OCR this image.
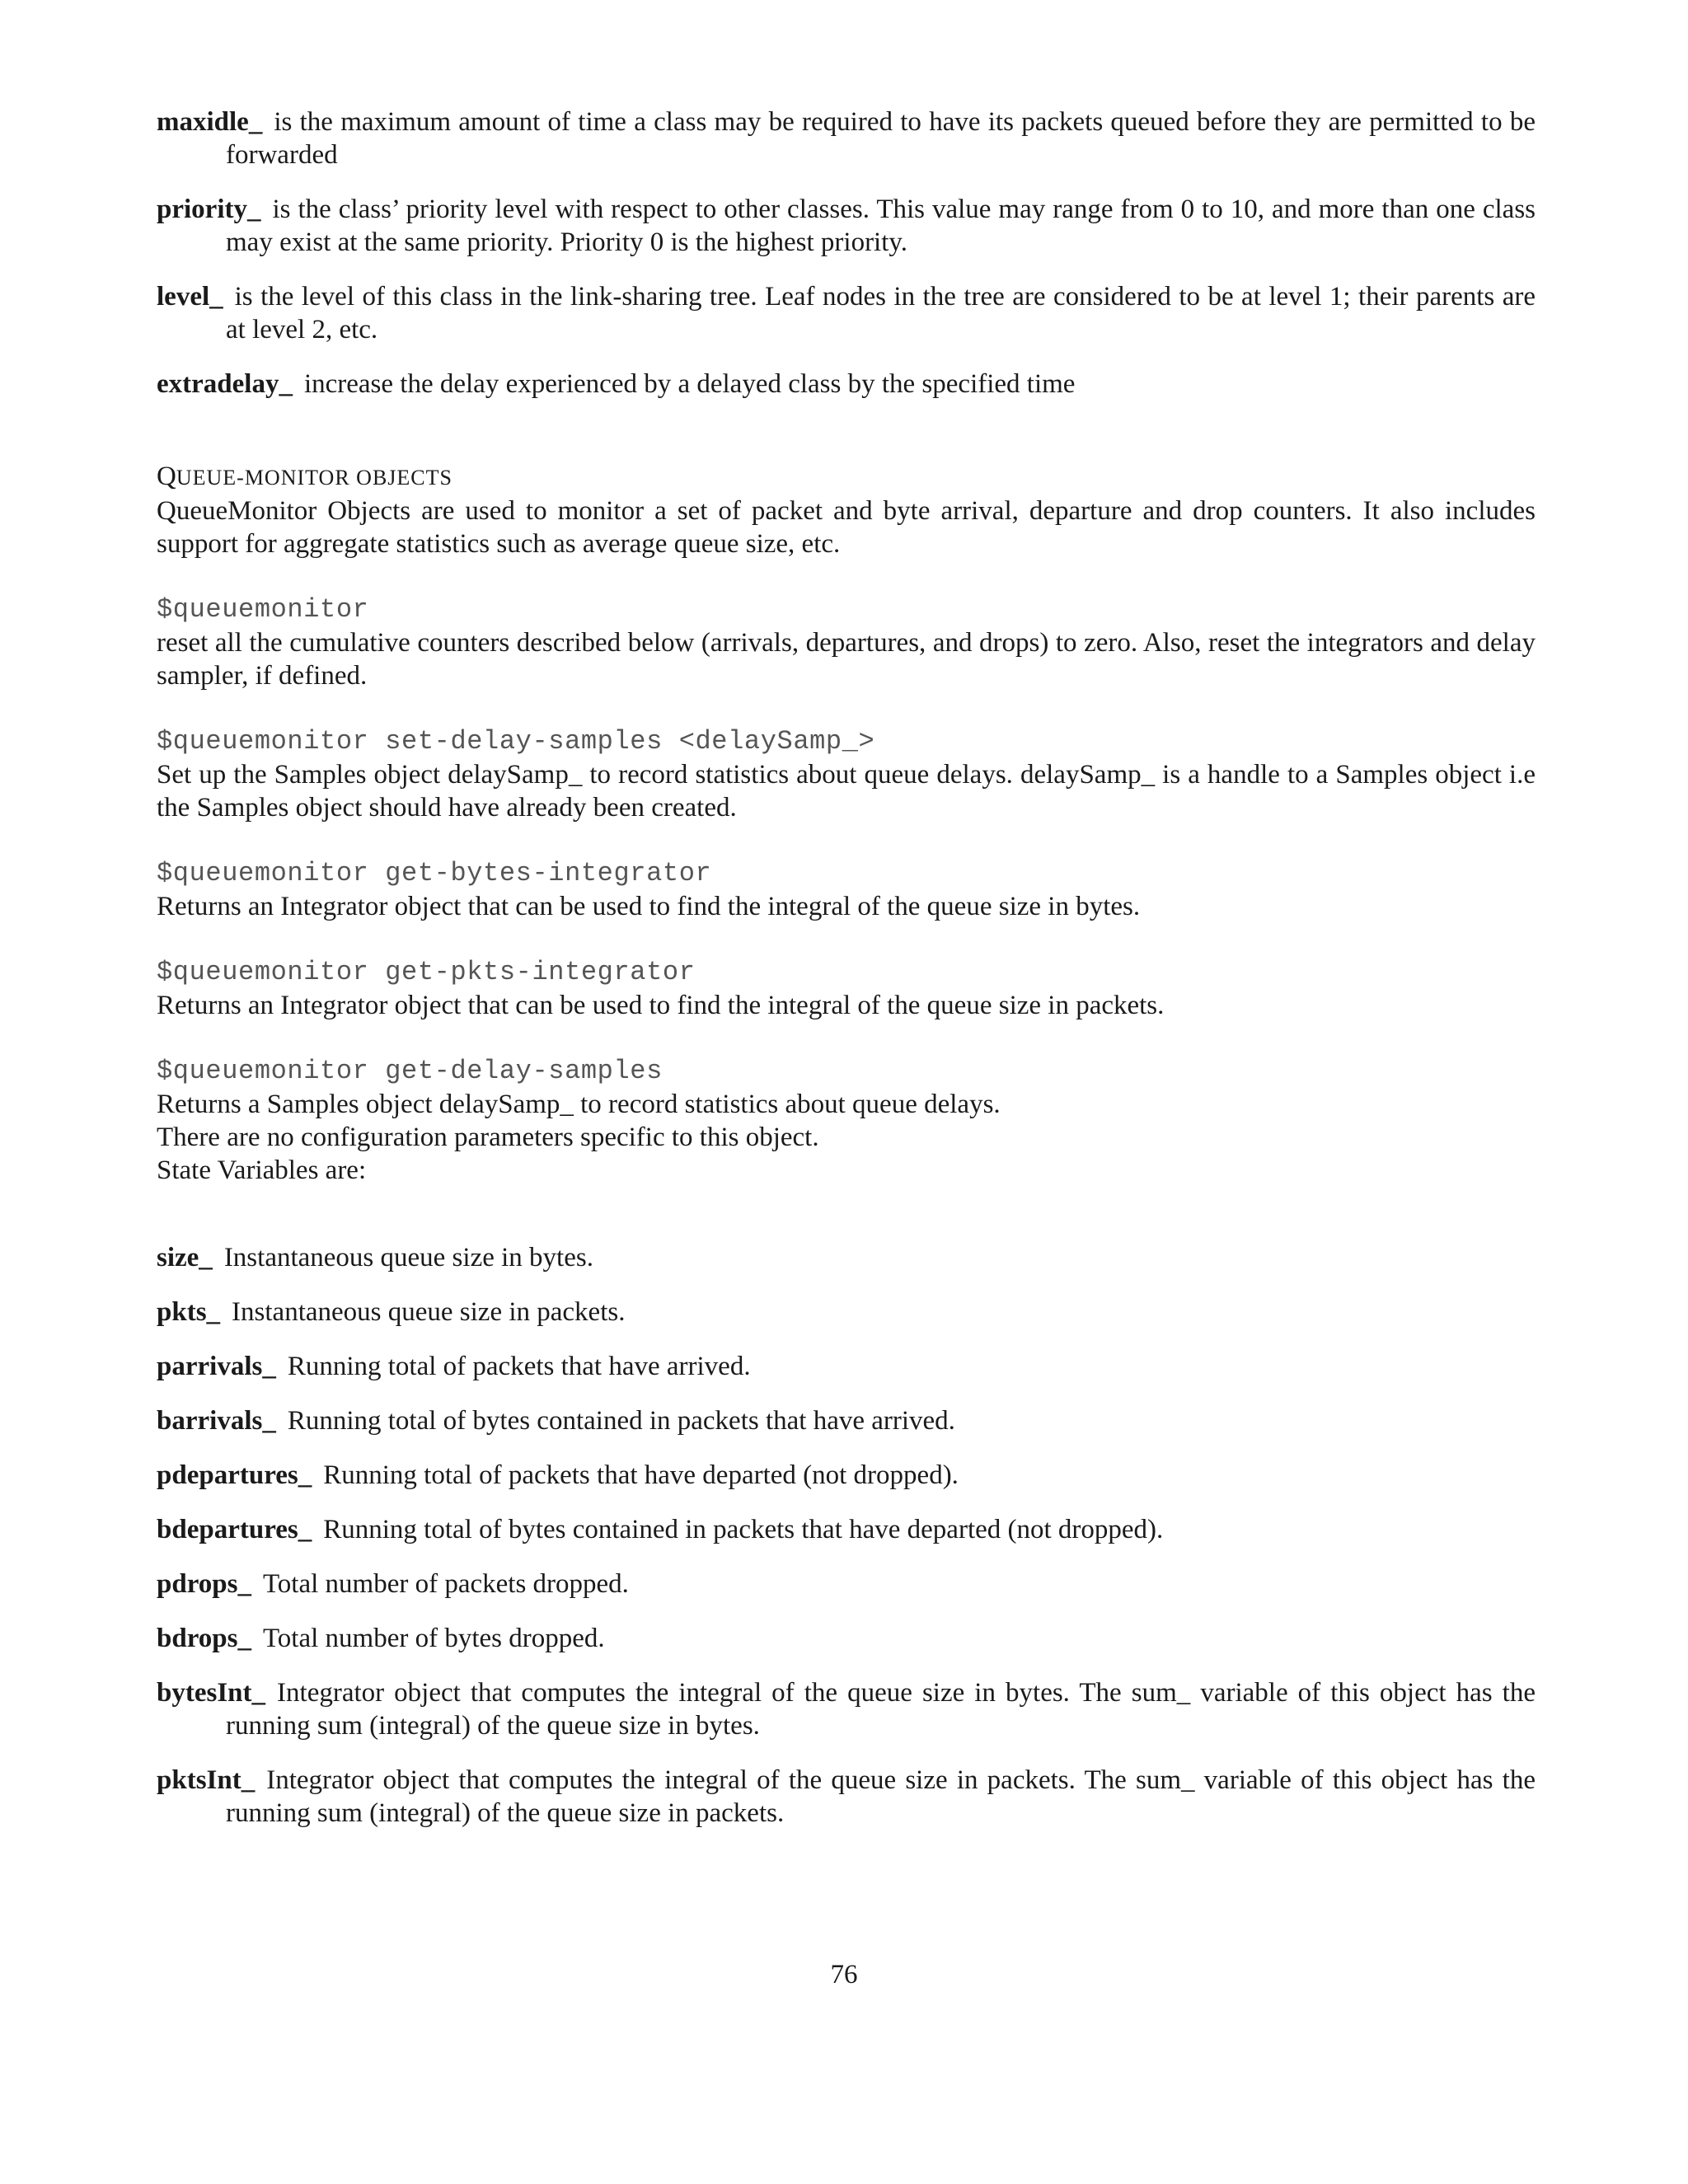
maxidle_ is the maximum amount of time a class may be required to have its packets queued before they are permitted to be forwarded

priority_ is the class’ priority level with respect to other classes. This value may range from 0 to 10, and more than one class may exist at the same priority. Priority 0 is the highest priority.

level_ is the level of this class in the link-sharing tree. Leaf nodes in the tree are considered to be at level 1; their parents are at level 2, etc.

extradelay_ increase the delay experienced by a delayed class by the specified time

QUEUE-MONITOR OBJECTS

QueueMonitor Objects are used to monitor a set of packet and byte arrival, departure and drop counters. It also includes support for aggregate statistics such as average queue size, etc.

$queuemonitor

reset all the cumulative counters described below (arrivals, departures, and drops) to zero. Also, reset the integrators and delay sampler, if defined.

$queuemonitor set-delay-samples <delaySamp_>

Set up the Samples object delaySamp_ to record statistics about queue delays. delaySamp_ is a handle to a Samples object i.e the Samples object should have already been created.

$queuemonitor get-bytes-integrator

Returns an Integrator object that can be used to find the integral of the queue size in bytes.

$queuemonitor get-pkts-integrator

Returns an Integrator object that can be used to find the integral of the queue size in packets.

$queuemonitor get-delay-samples

Returns a Samples object delaySamp_ to record statistics about queue delays.

There are no configuration parameters specific to this object.

State Variables are:

size_ Instantaneous queue size in bytes.

pkts_ Instantaneous queue size in packets.

parrivals_ Running total of packets that have arrived.

barrivals_ Running total of bytes contained in packets that have arrived.

pdepartures_ Running total of packets that have departed (not dropped).

bdepartures_ Running total of bytes contained in packets that have departed (not dropped).

pdrops_ Total number of packets dropped.

bdrops_ Total number of bytes dropped.

bytesInt_ Integrator object that computes the integral of the queue size in bytes. The sum_ variable of this object has the running sum (integral) of the queue size in bytes.

pktsInt_ Integrator object that computes the integral of the queue size in packets. The sum_ variable of this object has the running sum (integral) of the queue size in packets.

76
